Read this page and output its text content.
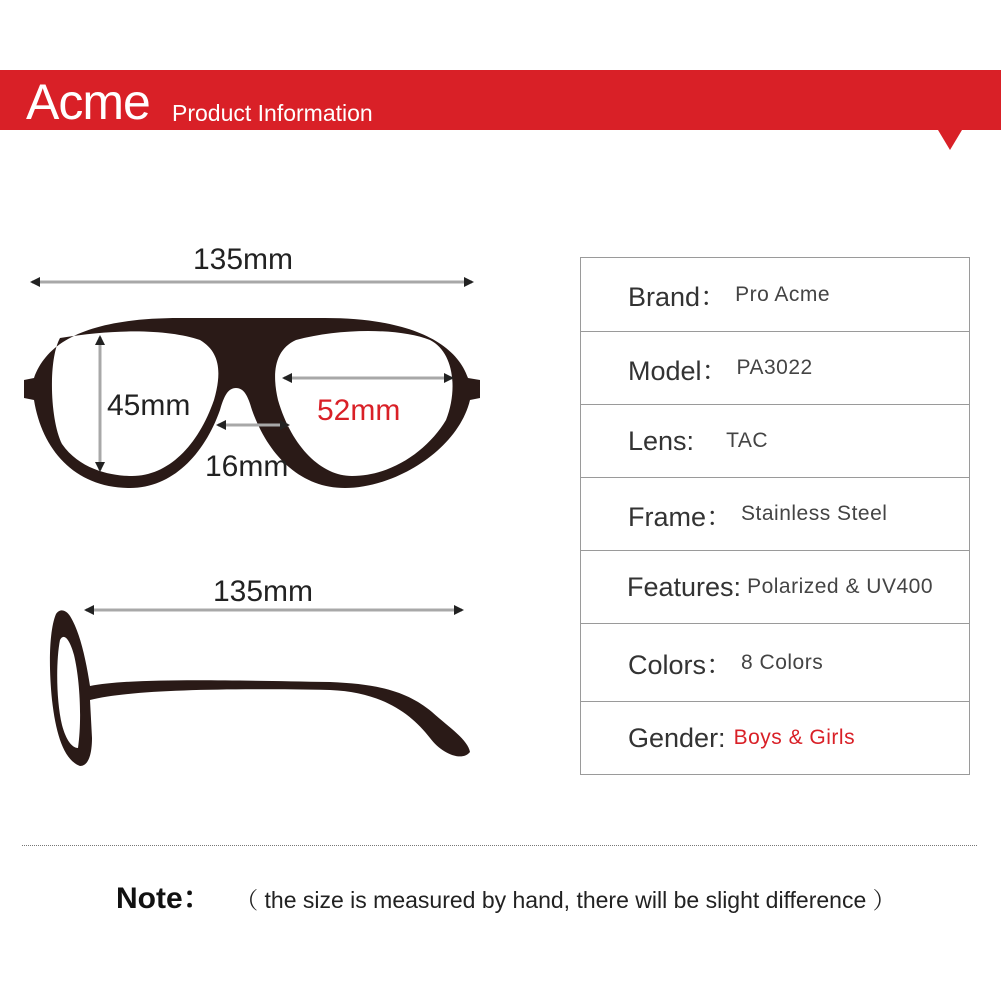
Acme Product Information
135mm
45mm	52mm
16mm
135mm
Brand： Pro Acme
Model： PA3022
Lens: TAC
Frame： Stainless Steel
Features: Polarized & UV400
Colors： 8 Colors
Gender: Boys & Girls
Note： （ the size is measured by hand, there will be slight difference ）
